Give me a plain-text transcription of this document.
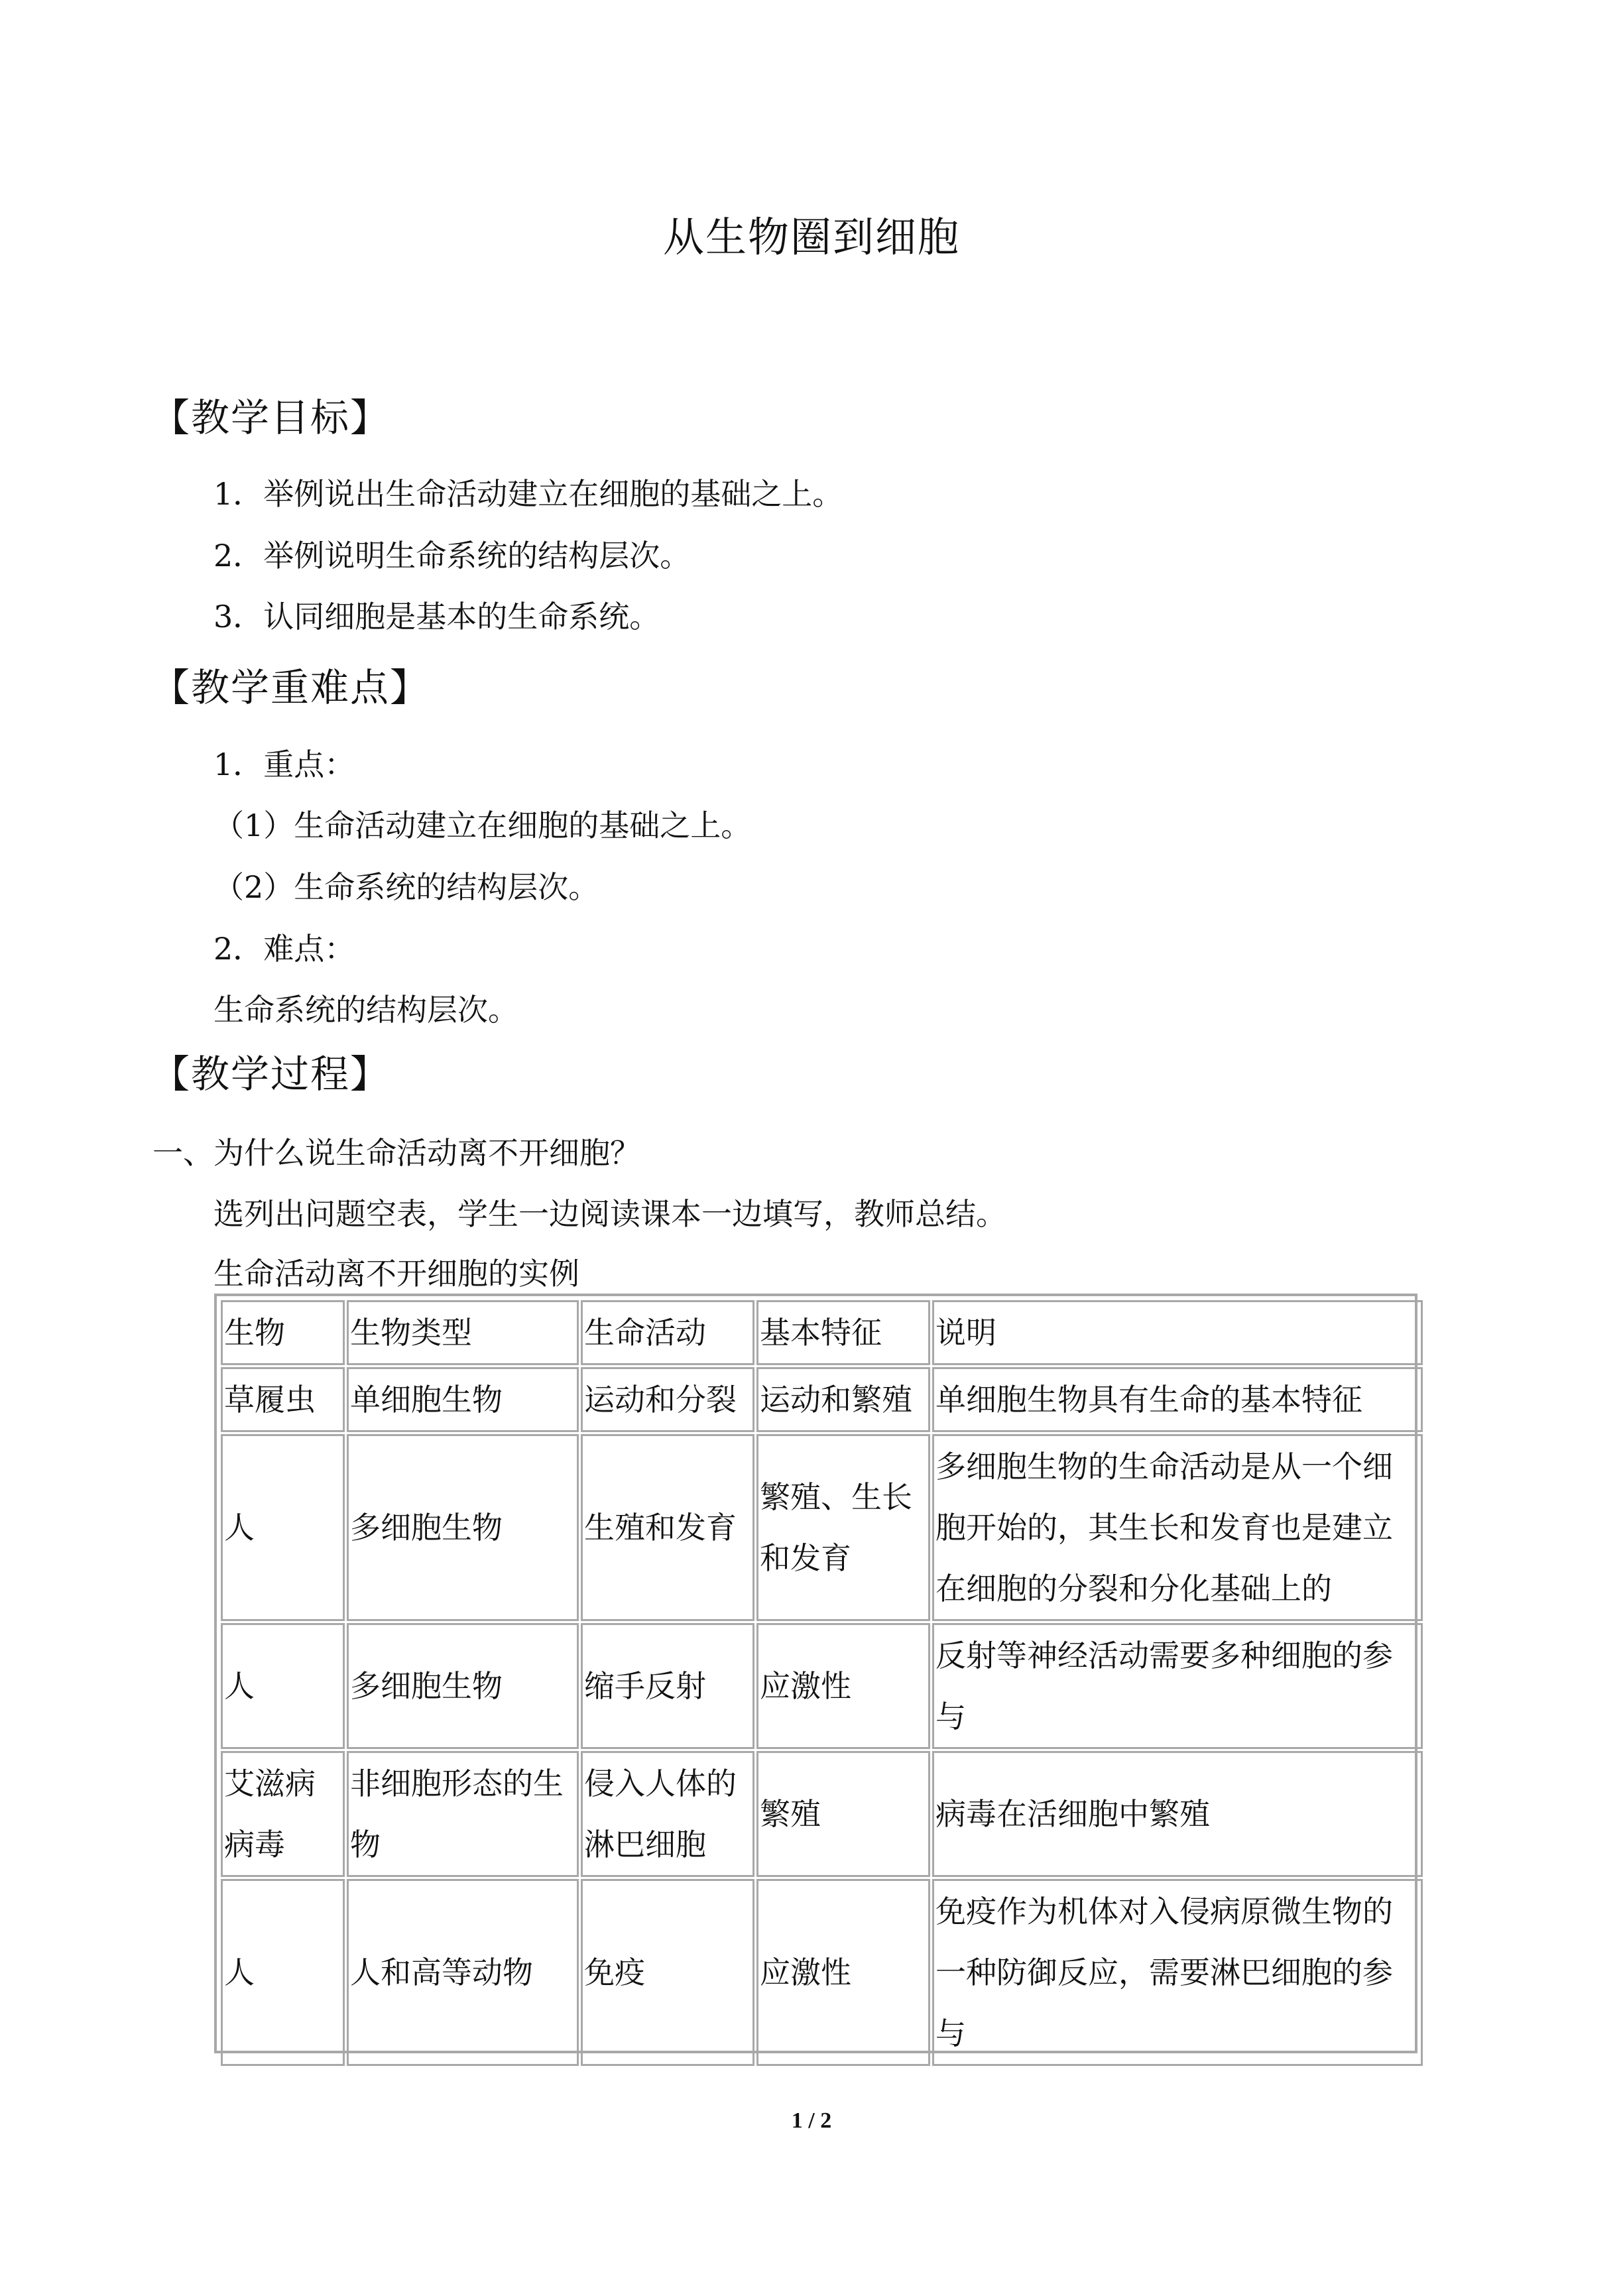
从生物圈到细胞
【教学目标】
1．举例说出生命活动建立在细胞的基础之上。
2．举例说明生命系统的结构层次。
3．认同细胞是基本的生命系统。
【教学重难点】
1．重点：
（1）生命活动建立在细胞的基础之上。
（2）生命系统的结构层次。
2．难点：
生命系统的结构层次。
【教学过程】
一、为什么说生命活动离不开细胞？
选列出问题空表，学生一边阅读课本一边填写，教师总结。
生命活动离不开细胞的实例
生物	生物类型	生命活动	基本特征	说明
草履虫	单细胞生物	运动和分裂	运动和繁殖	单细胞生物具有生命的基本特征
人	多细胞生物	生殖和发育	繁殖、生长和发育	多细胞生物的生命活动是从一个细胞开始的，其生长和发育也是建立在细胞的分裂和分化基础上的
人	多细胞生物	缩手反射	应激性	反射等神经活动需要多种细胞的参与
艾滋病病毒	非细胞形态的生物	侵入人体的淋巴细胞	繁殖	病毒在活细胞中繁殖
人	人和高等动物	免疫	应激性	免疫作为机体对入侵病原微生物的一种防御反应，需要淋巴细胞的参与
1 / 2
